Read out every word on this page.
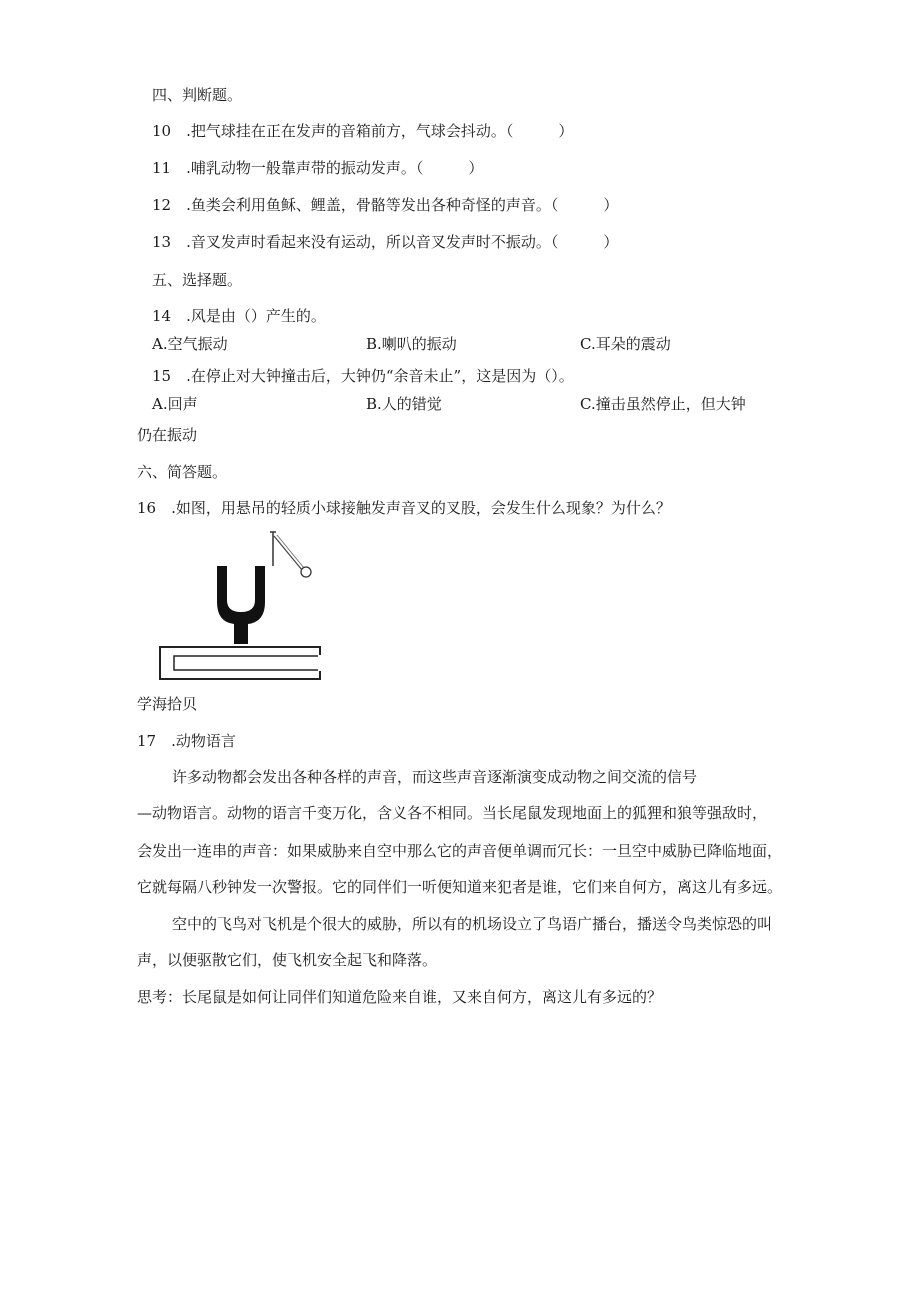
四、判断题。
10　.把气球挂在正在发声的音箱前方，气球会抖动。（　　　）
11　.哺乳动物一般靠声带的振动发声。（　　　）
12　.鱼类会利用鱼稣、鲤盖，骨骼等发出各种奇怪的声音。（　　　）
13　.音叉发声时看起来没有运动，所以音叉发声时不振动。（　　　）
五、选择题。
14　.风是由（）产生的。
A.空气振动	B.喇叭的振动	C.耳朵的震动
15　.在停止对大钟撞击后，大钟仍“余音未止”，这是因为（）。
A.回声	B.人的错觉	C.撞击虽然停止，但大钟
仍在振动
六、简答题。
16　.如图，用悬吊的轻质小球接触发声音叉的叉股，会发生什么现象？为什么？
学海拾贝
17　.动物语言
许多动物都会发出各种各样的声音，而这些声音逐渐演变成动物之间交流的信号
—动物语言。动物的语言千变万化，含义各不相同。当长尾鼠发现地面上的狐狸和狼等强敌时，
会发出一连串的声音：如果威胁来自空中那么它的声音便单调而冗长：一旦空中威胁已降临地面，
它就每隔八秒钟发一次警报。它的同伴们一听便知道来犯者是谁，它们来自何方，离这儿有多远。
空中的飞鸟对飞机是个很大的威胁，所以有的机场设立了鸟语广播台，播送令鸟类惊恐的叫
声，以便驱散它们，使飞机安全起飞和降落。
思考：长尾鼠是如何让同伴们知道危险来自谁，又来自何方，离这儿有多远的？
